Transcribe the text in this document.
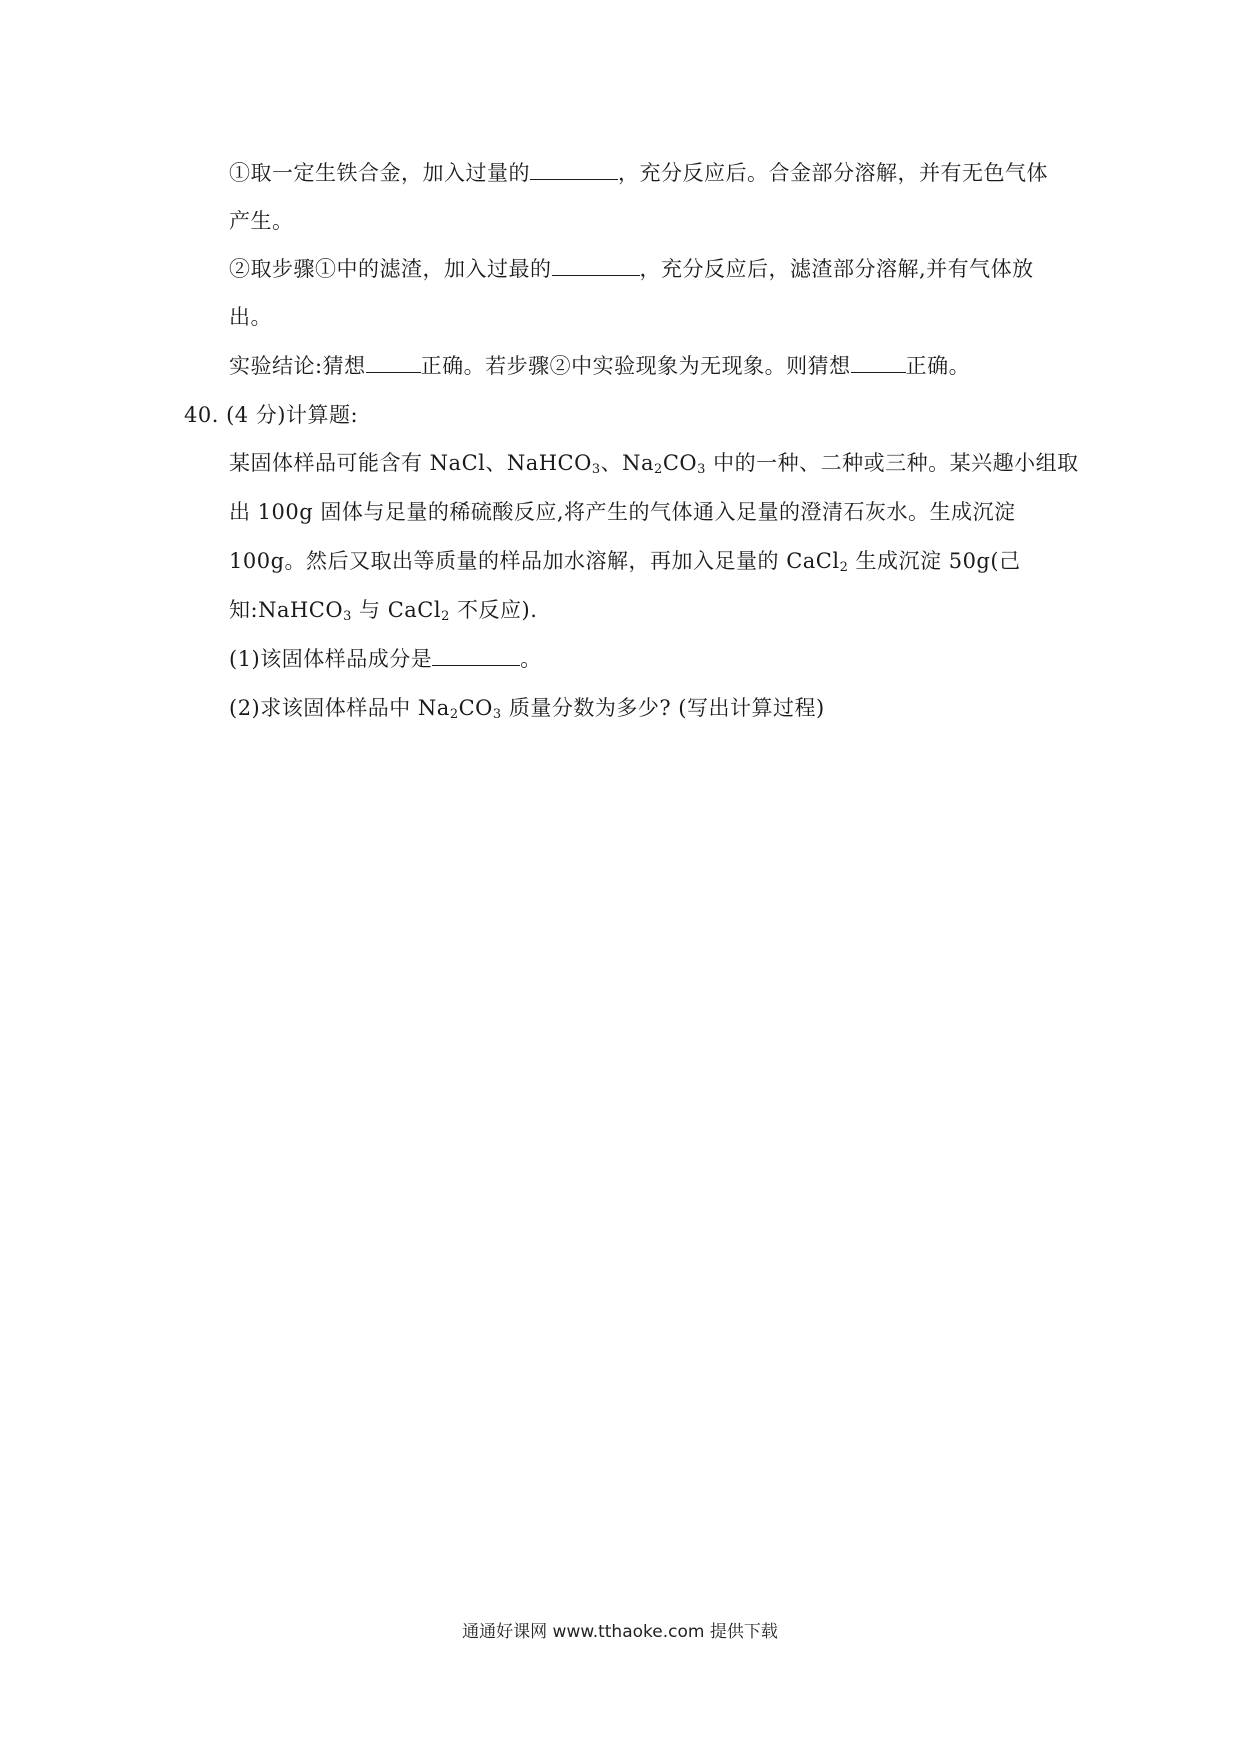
①取一定生铁合金，加入过量的	，充分反应后。合金部分溶解，并有无色气体
产生。
②取步骤①中的滤渣，加入过最的	，充分反应后，滤渣部分溶解,并有气体放
出。
实验结论:猜想	正确。若步骤②中实验现象为无现象。则猜想	正确。
40. (4 分)计算题:
某固体样品可能含有 NaCl、NaHCO$_3$、$Na_2CO_3$ 中的一种、二种或三种。某兴趣小组取
出 100g 固体与足量的稀硫酸反应,将产生的气体通入足量的澄清石灰水。生成沉淀
100g。然后又取出等质量的样品加水溶解，再加入足量的 CaCl$_2$ 生成沉淀 50g(己
知:NaHCO$_3$ 与 CaCl$_2$ 不反应).
(1)该固体样品成分是	。
(2)求该固体样品中 $Na_2CO_3$ 质量分数为多少? (写出计算过程)
通通好课网 www.tthaoke.com 提供下载
